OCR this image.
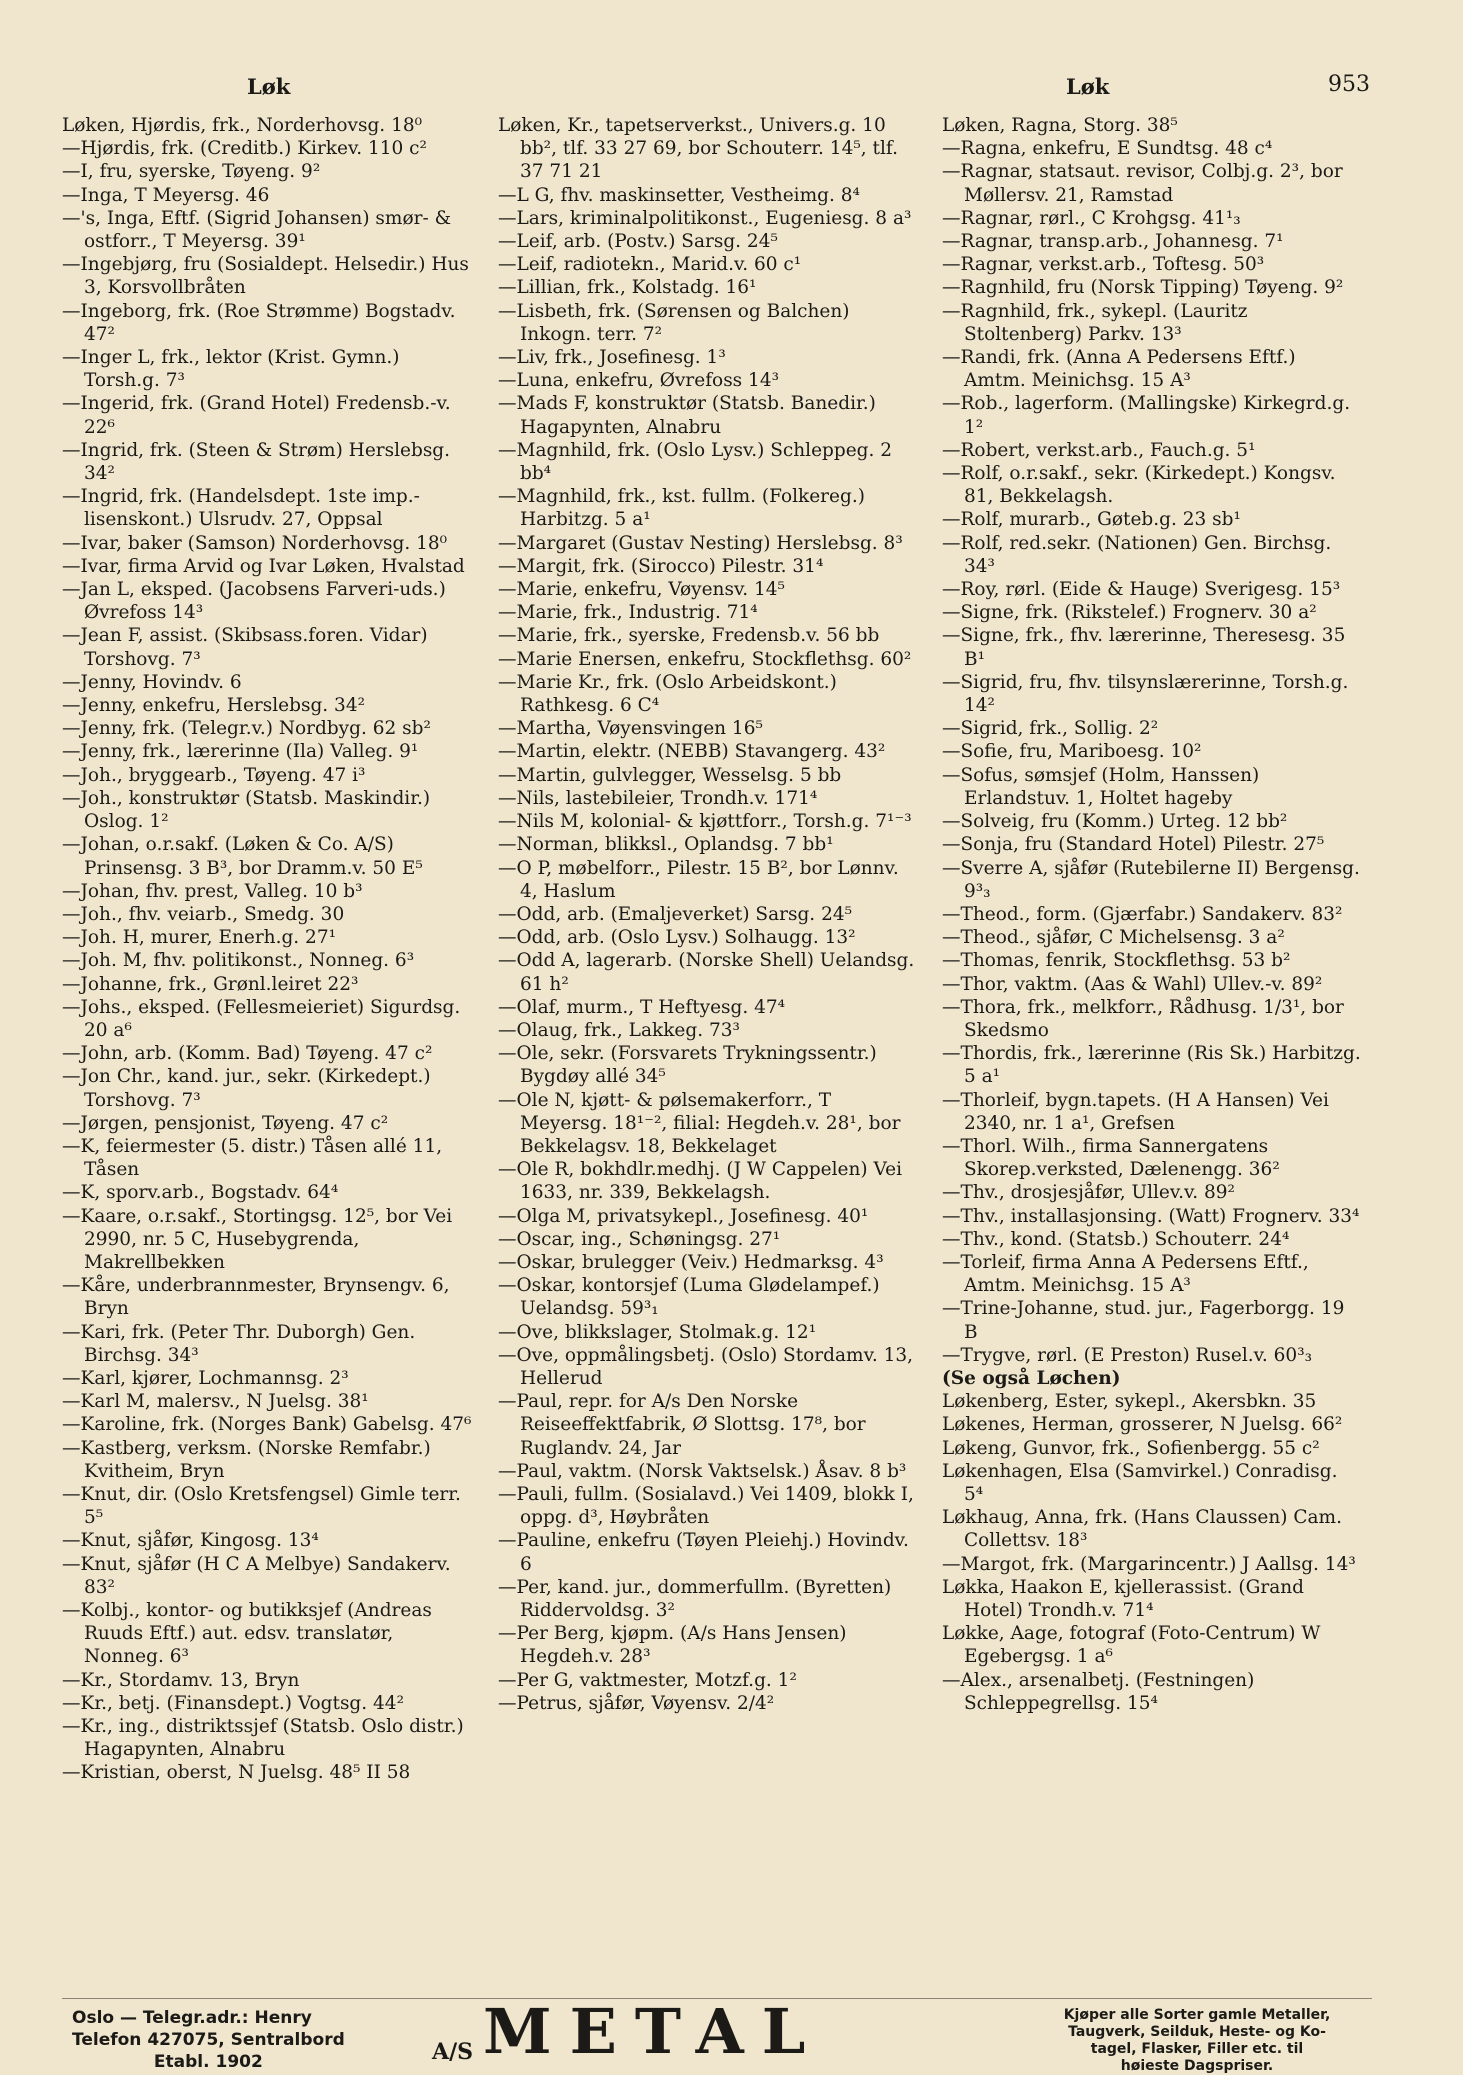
Løk	Løk	953
Løken, Hjørdis, frk., Norderhovsg. 18⁰
—Hjørdis, frk. (Creditb.) Kirkev. 110 c²
—I, fru, syerske, Tøyeng. 9²
—Inga, T Meyersg. 46
—'s, Inga, Eftf. (Sigrid Johansen) smør- & ostforr., T Meyersg. 39¹
—Ingebjørg, fru (Sosialdept. Helsedir.) Hus 3, Korsvollbråten
—Ingeborg, frk. (Roe Strømme) Bogstadv. 47²
—Inger L, frk., lektor (Krist. Gymn.) Torsh.g. 7³
—Ingerid, frk. (Grand Hotel) Fredensb.-v. 22⁶
—Ingrid, frk. (Steen & Strøm) Herslebsg. 34²
—Ingrid, frk. (Handelsdept. 1ste imp.-lisenskont.) Ulsrudv. 27, Oppsal
—Ivar, baker (Samson) Norderhovsg. 18⁰
—Ivar, firma Arvid og Ivar Løken, Hvalstad
—Jan L, eksped. (Jacobsens Farveri-uds.) Øvrefoss 14³
—Jean F, assist. (Skibsass.foren. Vidar) Torshovg. 7³
—Jenny, Hovindv. 6
—Jenny, enkefru, Herslebsg. 34²
—Jenny, frk. (Telegr.v.) Nordbyg. 62 sb²
—Jenny, frk., lærerinne (Ila) Valleg. 9¹
—Joh., bryggearb., Tøyeng. 47 i³
—Joh., konstruktør (Statsb. Maskindir.) Oslog. 1²
—Johan, o.r.sakf. (Løken & Co. A/S) Prinsensg. 3 B³, bor Dramm.v. 50 E⁵
—Johan, fhv. prest, Valleg. 10 b³
—Joh., fhv. veiarb., Smedg. 30
—Joh. H, murer, Enerh.g. 27¹
—Joh. M, fhv. politikonst., Nonneg. 6³
—Johanne, frk., Grønl.leiret 22³
—Johs., eksped. (Fellesmeieriet) Sigurdsg. 20 a⁶
—John, arb. (Komm. Bad) Tøyeng. 47 c²
—Jon Chr., kand. jur., sekr. (Kirkedept.) Torshovg. 7³
—Jørgen, pensjonist, Tøyeng. 47 c²
—K, feiermester (5. distr.) Tåsen allé 11, Tåsen
—K, sporv.arb., Bogstadv. 64⁴
—Kaare, o.r.sakf., Stortingsg. 12⁵, bor Vei 2990, nr. 5 C, Husebygrenda, Makrellbekken
—Kåre, underbrannmester, Brynsengv. 6, Bryn
—Kari, frk. (Peter Thr. Duborgh) Gen. Birchsg. 34³
—Karl, kjører, Lochmannsg. 2³
—Karl M, malersv., N Juelsg. 38¹
—Karoline, frk. (Norges Bank) Gabelsg. 47⁶
—Kastberg, verksm. (Norske Remfabr.) Kvitheim, Bryn
—Knut, dir. (Oslo Kretsfengsel) Gimle terr. 5⁵
—Knut, sjåfør, Kingosg. 13⁴
—Knut, sjåfør (H C A Melbye) Sandakerv. 83²
—Kolbj., kontor- og butikksjef (Andreas Ruuds Eftf.) aut. edsv. translatør, Nonneg. 6³
—Kr., Stordamv. 13, Bryn
—Kr., betj. (Finansdept.) Vogtsg. 44²
—Kr., ing., distriktssjef (Statsb. Oslo distr.) Hagapynten, Alnabru
—Kristian, oberst, N Juelsg. 48⁵ II 58
Løken, Kr., tapetserverkst., Univers.g. 10 bb², tlf. 33 27 69, bor Schouterr. 14⁵, tlf. 37 71 21
—L G, fhv. maskinsetter, Vestheimg. 8⁴
—Lars, kriminalpolitikonst., Eugeniesg. 8 a³
—Leif, arb. (Postv.) Sarsg. 24⁵
—Leif, radiotekn., Marid.v. 60 c¹
—Lillian, frk., Kolstadg. 16¹
—Lisbeth, frk. (Sørensen og Balchen) Inkogn. terr. 7²
—Liv, frk., Josefinesg. 1³
—Luna, enkefru, Øvrefoss 14³
—Mads F, konstruktør (Statsb. Banedir.) Hagapynten, Alnabru
—Magnhild, frk. (Oslo Lysv.) Schleppeg. 2 bb⁴
—Magnhild, frk., kst. fullm. (Folkereg.) Harbitzg. 5 a¹
—Margaret (Gustav Nesting) Herslebsg. 8³
—Margit, frk. (Sirocco) Pilestr. 31⁴
—Marie, enkefru, Vøyensv. 14⁵
—Marie, frk., Industrig. 71⁴
—Marie, frk., syerske, Fredensb.v. 56 bb
—Marie Enersen, enkefru, Stockflethsg. 60²
—Marie Kr., frk. (Oslo Arbeidskont.) Rathkesg. 6 C⁴
—Martha, Vøyensvingen 16⁵
—Martin, elektr. (NEBB) Stavangerg. 43²
—Martin, gulvlegger, Wesselsg. 5 bb
—Nils, lastebileier, Trondh.v. 171⁴
—Nils M, kolonial- & kjøttforr., Torsh.g. 7¹⁻³
—Norman, blikksl., Oplandsg. 7 bb¹
—O P, møbelforr., Pilestr. 15 B², bor Lønnv. 4, Haslum
—Odd, arb. (Emaljeverket) Sarsg. 24⁵
—Odd, arb. (Oslo Lysv.) Solhaugg. 13²
—Odd A, lagerarb. (Norske Shell) Uelandsg. 61 h²
—Olaf, murm., T Heftyesg. 47⁴
—Olaug, frk., Lakkeg. 73³
—Ole, sekr. (Forsvarets Trykningssentr.) Bygdøy allé 34⁵
—Ole N, kjøtt- & pølsemakerforr., T Meyersg. 18¹⁻², filial: Hegdeh.v. 28¹, bor Bekkelagsv. 18, Bekkelaget
—Ole R, bokhdlr.medhj. (J W Cappelen) Vei 1633, nr. 339, Bekkelagsh.
—Olga M, privatsykepl., Josefinesg. 40¹
—Oscar, ing., Schøningsg. 27¹
—Oskar, brulegger (Veiv.) Hedmarksg. 4³
—Oskar, kontorsjef (Luma Glødelampef.) Uelandsg. 59³₁
—Ove, blikkslager, Stolmak.g. 12¹
—Ove, oppmålingsbetj. (Oslo) Stordamv. 13, Hellerud
—Paul, repr. for A/s Den Norske Reiseeffektfabrik, Ø Slottsg. 17⁸, bor Ruglandv. 24, Jar
—Paul, vaktm. (Norsk Vaktselsk.) Åsav. 8 b³
—Pauli, fullm. (Sosialavd.) Vei 1409, blokk I, oppg. d³, Høybråten
—Pauline, enkefru (Tøyen Pleiehj.) Hovindv. 6
—Per, kand. jur., dommerfullm. (Byretten) Riddervoldsg. 3²
—Per Berg, kjøpm. (A/s Hans Jensen) Hegdeh.v. 28³
—Per G, vaktmester, Motzf.g. 1²
—Petrus, sjåfør, Vøyensv. 2/4²
Løken, Ragna, Storg. 38⁵
—Ragna, enkefru, E Sundtsg. 48 c⁴
—Ragnar, statsaut. revisor, Colbj.g. 2³, bor Møllersv. 21, Ramstad
—Ragnar, rørl., C Krohgsg. 41¹₃
—Ragnar, transp.arb., Johannesg. 7¹
—Ragnar, verkst.arb., Toftesg. 50³
—Ragnhild, fru (Norsk Tipping) Tøyeng. 9²
—Ragnhild, frk., sykepl. (Lauritz Stoltenberg) Parkv. 13³
—Randi, frk. (Anna A Pedersens Eftf.) Amtm. Meinichsg. 15 A³
—Rob., lagerform. (Mallingske) Kirkegrd.g. 1²
—Robert, verkst.arb., Fauch.g. 5¹
—Rolf, o.r.sakf., sekr. (Kirkedept.) Kongsv. 81, Bekkelagsh.
—Rolf, murarb., Gøteb.g. 23 sb¹
—Rolf, red.sekr. (Nationen) Gen. Birchsg. 34³
—Roy, rørl. (Eide & Hauge) Sverigesg. 15³
—Signe, frk. (Rikstelef.) Frognerv. 30 a²
—Signe, frk., fhv. lærerinne, Theresesg. 35 B¹
—Sigrid, fru, fhv. tilsynslærerinne, Torsh.g. 14²
—Sigrid, frk., Sollig. 2²
—Sofie, fru, Mariboesg. 10²
—Sofus, sømsjef (Holm, Hanssen) Erlandstuv. 1, Holtet hageby
—Solveig, fru (Komm.) Urteg. 12 bb²
—Sonja, fru (Standard Hotel) Pilestr. 27⁵
—Sverre A, sjåfør (Rutebilerne II) Bergensg. 9³₃
—Theod., form. (Gjærfabr.) Sandakerv. 83²
—Theod., sjåfør, C Michelsensg. 3 a²
—Thomas, fenrik, Stockflethsg. 53 b²
—Thor, vaktm. (Aas & Wahl) Ullev.-v. 89²
—Thora, frk., melkforr., Rådhusg. 1/3¹, bor Skedsmo
—Thordis, frk., lærerinne (Ris Sk.) Harbitzg. 5 a¹
—Thorleif, bygn.tapets. (H A Hansen) Vei 2340, nr. 1 a¹, Grefsen
—Thorl. Wilh., firma Sannergatens Skorep.verksted, Dælenengg. 36²
—Thv., drosjesjåfør, Ullev.v. 89²
—Thv., installasjonsing. (Watt) Frognerv. 33⁴
—Thv., kond. (Statsb.) Schouterr. 24⁴
—Torleif, firma Anna A Pedersens Eftf., Amtm. Meinichsg. 15 A³
—Trine-Johanne, stud. jur., Fagerborgg. 19 B
—Trygve, rørl. (E Preston) Rusel.v. 60³₃
(Se også Løchen)
Løkenberg, Ester, sykepl., Akersbkn. 35
Løkenes, Herman, grosserer, N Juelsg. 66²
Løkeng, Gunvor, frk., Sofienbergg. 55 c²
Løkenhagen, Elsa (Samvirkel.) Conradisg. 5⁴
Løkhaug, Anna, frk. (Hans Claussen) Cam. Collettsv. 18³
—Margot, frk. (Margarincentr.) J Aallsg. 14³
Løkka, Haakon E, kjellerassist. (Grand Hotel) Trondh.v. 71⁴
Løkke, Aage, fotograf (Foto-Centrum) W Egebergsg. 1 a⁶
—Alex., arsenalbetj. (Festningen) Schleppegrellsg. 15⁴
Oslo — Telegr.adr.: Henry
Telefon 427075, Sentralbord
Etabl. 1902	A/S METAL	Kjøper alle Sorter gamle Metaller,
Taugverk, Seilduk, Heste- og Ko-
tagel, Flasker, Filler etc. til
høieste Dagspriser.
